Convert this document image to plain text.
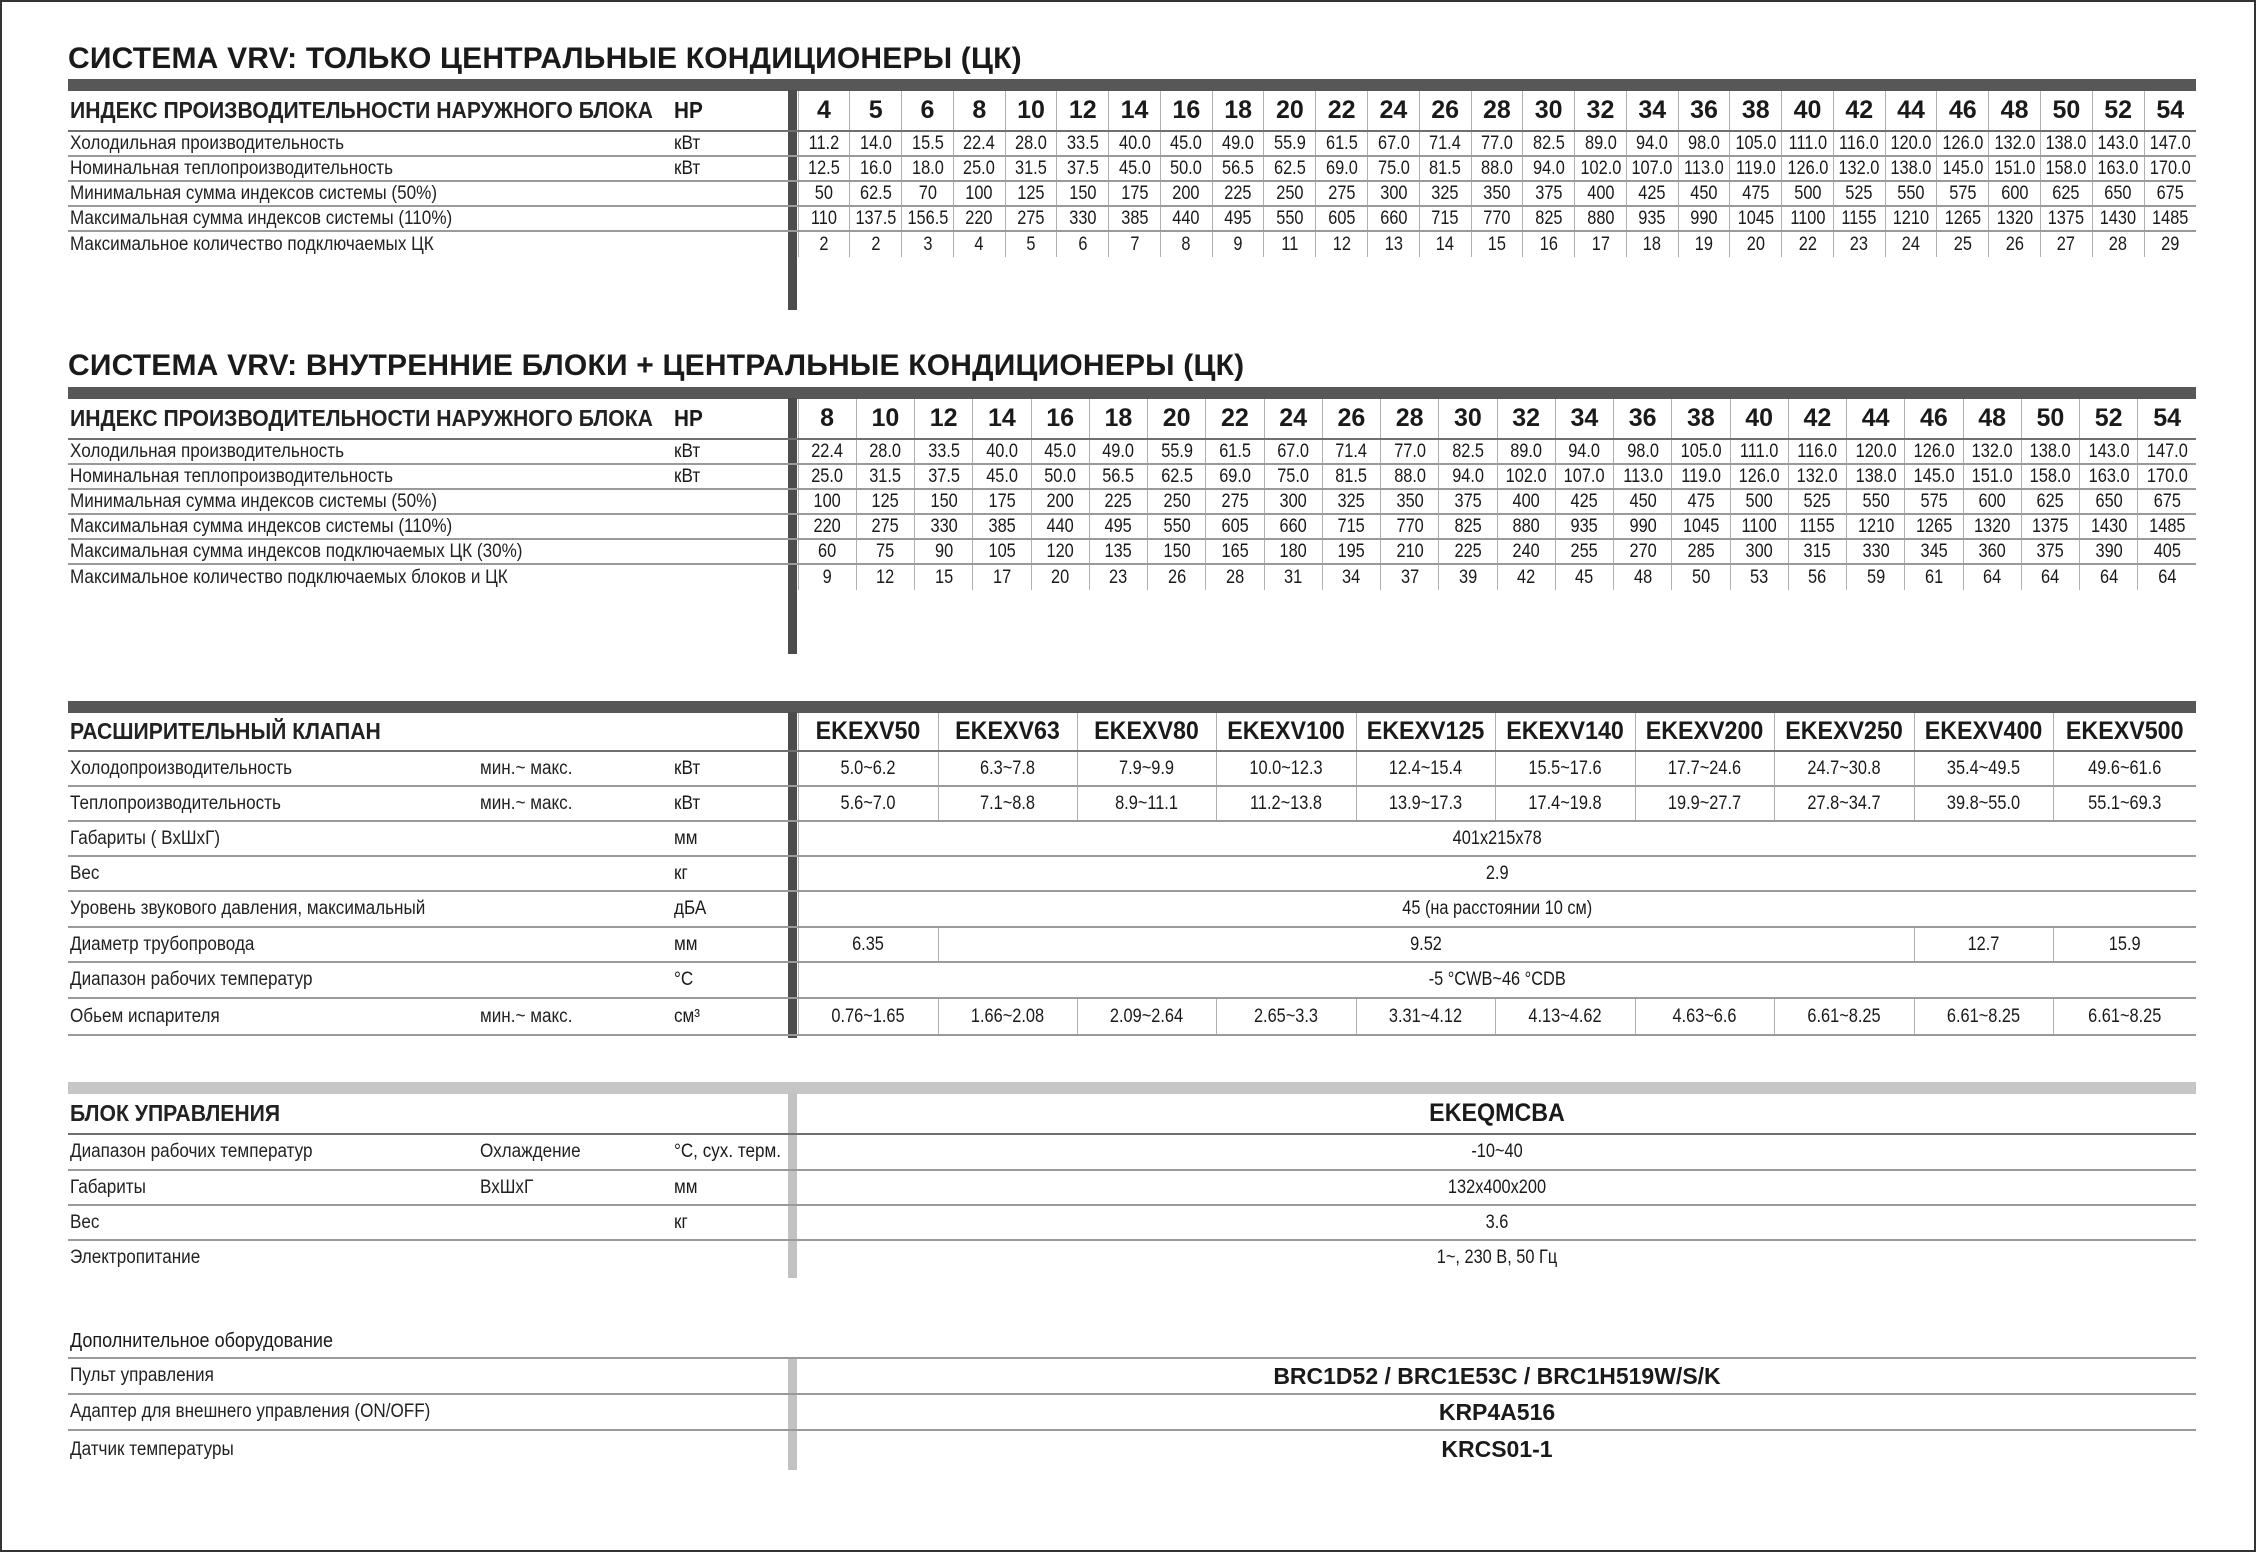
СИСТЕМА VRV: ТОЛЬКО ЦЕНТРАЛЬНЫЕ КОНДИЦИОНЕРЫ (ЦК)
ИНДЕКС ПРОИЗВОДИТЕЛЬНОСТИ НАРУЖНОГО БЛОКА	HP		4	5	6	8	10	12	14	16	18	20	22	24	26	28	30	32	34	36	38	40	42	44	46	48	50	52	54
Холодильная производительность	кВт		11.2	14.0	15.5	22.4	28.0	33.5	40.0	45.0	49.0	55.9	61.5	67.0	71.4	77.0	82.5	89.0	94.0	98.0	105.0	111.0	116.0	120.0	126.0	132.0	138.0	143.0	147.0
Номинальная теплопроизводительность	кВт		12.5	16.0	18.0	25.0	31.5	37.5	45.0	50.0	56.5	62.5	69.0	75.0	81.5	88.0	94.0	102.0	107.0	113.0	119.0	126.0	132.0	138.0	145.0	151.0	158.0	163.0	170.0
Минимальная сумма индексов системы (50%)			50	62.5	70	100	125	150	175	200	225	250	275	300	325	350	375	400	425	450	475	500	525	550	575	600	625	650	675
Максимальная сумма индексов системы (110%)			110	137.5	156.5	220	275	330	385	440	495	550	605	660	715	770	825	880	935	990	1045	1100	1155	1210	1265	1320	1375	1430	1485
Максимальное количество подключаемых ЦК			2	2	3	4	5	6	7	8	9	11	12	13	14	15	16	17	18	19	20	22	23	24	25	26	27	28	29
СИСТЕМА VRV: ВНУТРЕННИЕ БЛОКИ + ЦЕНТРАЛЬНЫЕ КОНДИЦИОНЕРЫ (ЦК)
ИНДЕКС ПРОИЗВОДИТЕЛЬНОСТИ НАРУЖНОГО БЛОКА	HP		8	10	12	14	16	18	20	22	24	26	28	30	32	34	36	38	40	42	44	46	48	50	52	54
Холодильная производительность	кВт		22.4	28.0	33.5	40.0	45.0	49.0	55.9	61.5	67.0	71.4	77.0	82.5	89.0	94.0	98.0	105.0	111.0	116.0	120.0	126.0	132.0	138.0	143.0	147.0
Номинальная теплопроизводительность	кВт		25.0	31.5	37.5	45.0	50.0	56.5	62.5	69.0	75.0	81.5	88.0	94.0	102.0	107.0	113.0	119.0	126.0	132.0	138.0	145.0	151.0	158.0	163.0	170.0
Минимальная сумма индексов системы (50%)			100	125	150	175	200	225	250	275	300	325	350	375	400	425	450	475	500	525	550	575	600	625	650	675
Максимальная сумма индексов системы (110%)			220	275	330	385	440	495	550	605	660	715	770	825	880	935	990	1045	1100	1155	1210	1265	1320	1375	1430	1485
Максимальная сумма индексов подключаемых ЦК (30%)			60	75	90	105	120	135	150	165	180	195	210	225	240	255	270	285	300	315	330	345	360	375	390	405
Максимальное количество подключаемых блоков и ЦК			9	12	15	17	20	23	26	28	31	34	37	39	42	45	48	50	53	56	59	61	64	64	64	64
РАСШИРИТЕЛЬНЫЙ КЛАПАН				EKEXV50	EKEXV63	EKEXV80	EKEXV100	EKEXV125	EKEXV140	EKEXV200	EKEXV250	EKEXV400	EKEXV500
Холодопроизводительность	мин.~ макс.	кВт		5.0~6.2	6.3~7.8	7.9~9.9	10.0~12.3	12.4~15.4	15.5~17.6	17.7~24.6	24.7~30.8	35.4~49.5	49.6~61.6
Теплопроизводительность	мин.~ макс.	кВт		5.6~7.0	7.1~8.8	8.9~11.1	11.2~13.8	13.9~17.3	17.4~19.8	19.9~27.7	27.8~34.7	39.8~55.0	55.1~69.3
Габариты ( ВхШхГ)		мм		401x215x78									
Вес		кг		2.9									
Уровень звукового давления, максимальный		дБА		45 (на расстоянии 10 см)									
Диаметр трубопровода		мм		6.35	9.52							12.7	15.9
Диапазон рабочих температур		°С		-5 °CWB~46 °CDB									
Обьем испарителя	мин.~ макс.	см³		0.76~1.65	1.66~2.08	2.09~2.64	2.65~3.3	3.31~4.12	4.13~4.62	4.63~6.6	6.61~8.25	6.61~8.25	6.61~8.25
БЛОК УПРАВЛЕНИЯ				EKEQMCBA
Диапазон рабочих температур	Охлаждение	°С, сух. терм.		-10~40
Габариты	ВхШхГ	мм		132x400x200
Вес		кг		3.6
Электропитание				1~, 230 В, 50 Гц
Дополнительное оборудование
Пульт управления		BRC1D52 / BRC1E53C / BRC1H519W/S/K
Адаптер для внешнего управления (ON/OFF)		KRP4A516
Датчик температуры		KRCS01-1
